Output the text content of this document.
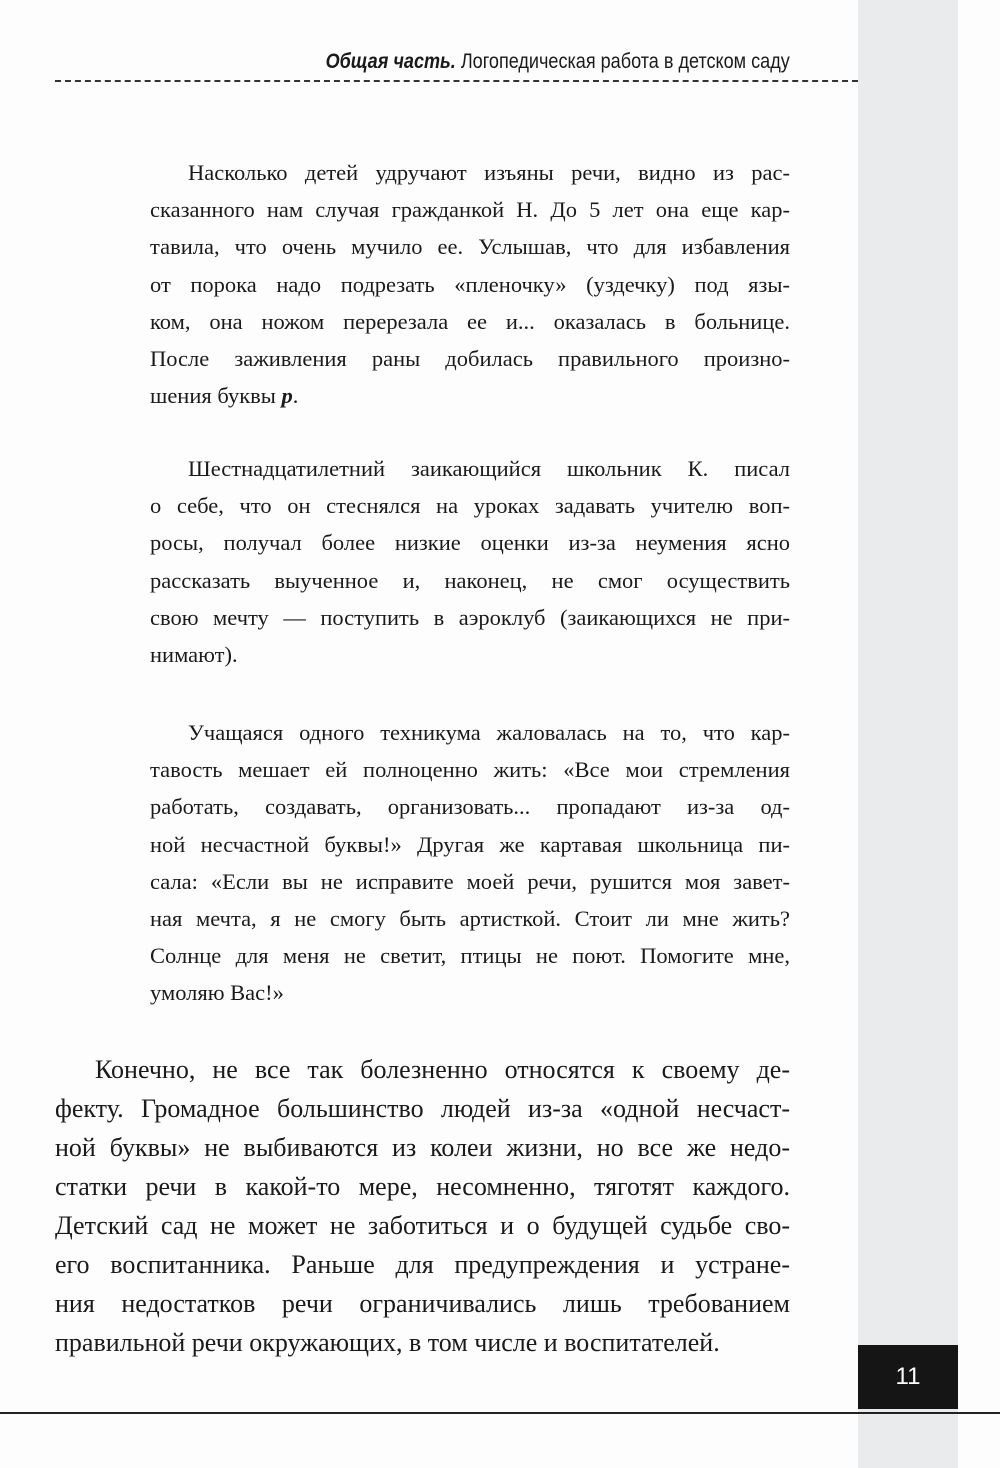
Общая часть. Логопедическая работа в детском саду
Насколько детей удручают изъяны речи, видно из рас-
сказанного нам случая гражданкой Н. До 5 лет она еще кар-
тавила, что очень мучило ее. Услышав, что для избавления
от порока надо подрезать «пленочку» (уздечку) под язы-
ком, она ножом перерезала ее и... оказалась в больнице.
После заживления раны добилась правильного произно-
шения буквы р.
Шестнадцатилетний заикающийся школьник К. писал
о себе, что он стеснялся на уроках задавать учителю воп-
росы, получал более низкие оценки из-за неумения ясно
рассказать выученное и, наконец, не смог осуществить
свою мечту — поступить в аэроклуб (заикающихся не при-
нимают).
Учащаяся одного техникума жаловалась на то, что кар-
тавость мешает ей полноценно жить: «Все мои стремления
работать, создавать, организовать... пропадают из-за од-
ной несчастной буквы!» Другая же картавая школьница пи-
сала: «Если вы не исправите моей речи, рушится моя завет-
ная мечта, я не смогу быть артисткой. Стоит ли мне жить?
Солнце для меня не светит, птицы не поют. Помогите мне,
умоляю Вас!»
Конечно, не все так болезненно относятся к своему де-
фекту. Громадное большинство людей из-за «одной несчаст-
ной буквы» не выбиваются из колеи жизни, но все же недо-
статки речи в какой-то мере, несомненно, тяготят каждого.
Детский сад не может не заботиться и о будущей судьбе сво-
его воспитанника. Раньше для предупреждения и устране-
ния недостатков речи ограничивались лишь требованием
правильной речи окружающих, в том числе и воспитателей.
11
